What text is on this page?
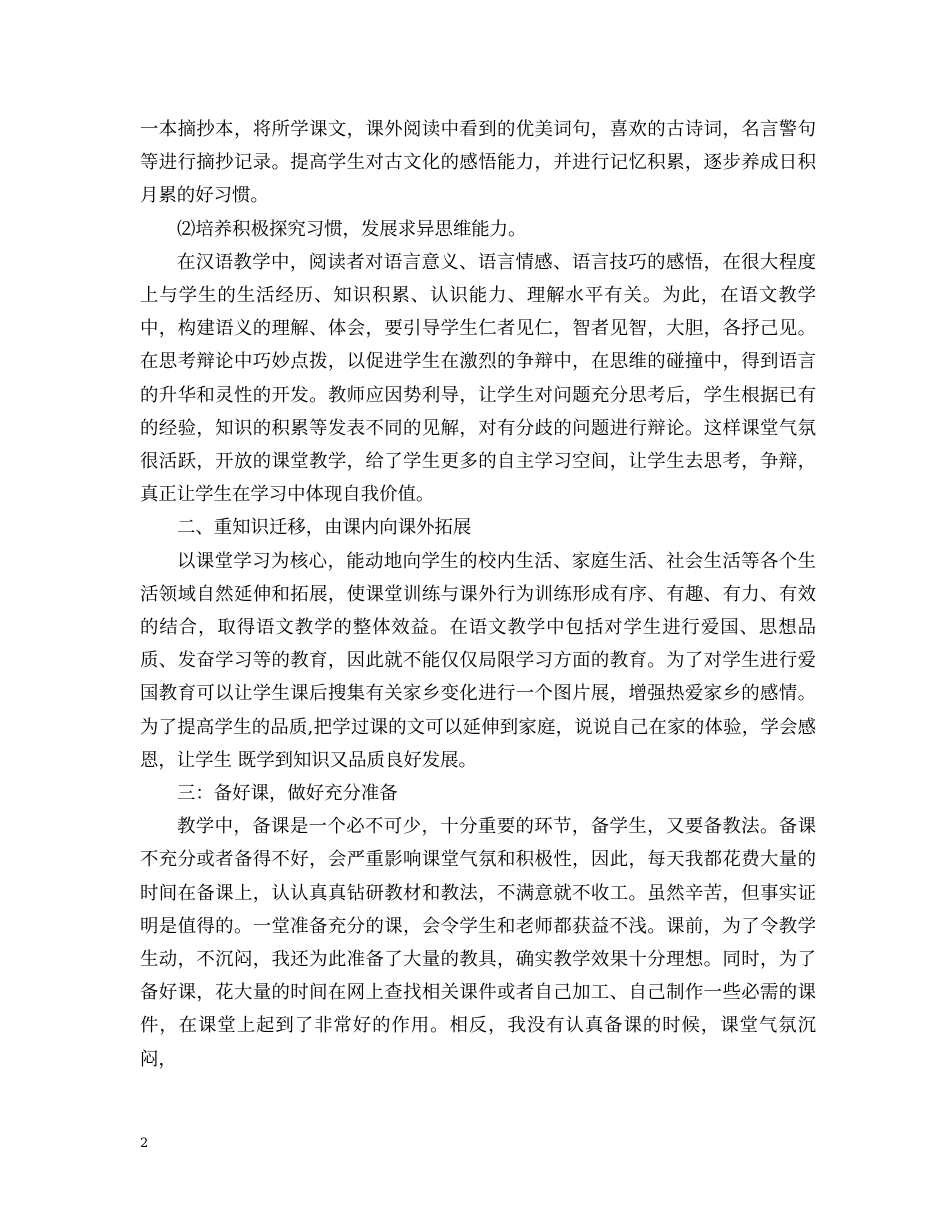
一本摘抄本，将所学课文，课外阅读中看到的优美词句，喜欢的古诗词，名言警句等进行摘抄记录。提高学生对古文化的感悟能力，并进行记忆积累，逐步养成日积月累的好习惯。

⑵培养积极探究习惯，发展求异思维能力。

在汉语教学中，阅读者对语言意义、语言情感、语言技巧的感悟，在很大程度上与学生的生活经历、知识积累、认识能力、理解水平有关。为此，在语文教学中，构建语义的理解、体会，要引导学生仁者见仁，智者见智，大胆，各抒己见。在思考辩论中巧妙点拨，以促进学生在激烈的争辩中，在思维的碰撞中，得到语言的升华和灵性的开发。教师应因势利导，让学生对问题充分思考后，学生根据已有的经验，知识的积累等发表不同的见解，对有分歧的问题进行辩论。这样课堂气氛很活跃，开放的课堂教学，给了学生更多的自主学习空间，让学生去思考，争辩，真正让学生在学习中体现自我价值。

二、重知识迁移，由课内向课外拓展

以课堂学习为核心，能动地向学生的校内生活、家庭生活、社会生活等各个生活领域自然延伸和拓展，使课堂训练与课外行为训练形成有序、有趣、有力、有效的结合，取得语文教学的整体效益。在语文教学中包括对学生进行爱国、思想品质、发奋学习等的教育，因此就不能仅仅局限学习方面的教育。为了对学生进行爱国教育可以让学生课后搜集有关家乡变化进行一个图片展，增强热爱家乡的感情。为了提高学生的品质,把学过课的文可以延伸到家庭，说说自己在家的体验，学会感恩，让学生 既学到知识又品质良好发展。

三：备好课，做好充分准备

教学中，备课是一个必不可少，十分重要的环节，备学生，又要备教法。备课不充分或者备得不好，会严重影响课堂气氛和积极性，因此，每天我都花费大量的时间在备课上，认认真真钻研教材和教法，不满意就不收工。虽然辛苦，但事实证明是值得的。一堂准备充分的课，会令学生和老师都获益不浅。课前，为了令教学生动，不沉闷，我还为此准备了大量的教具，确实教学效果十分理想。同时，为了备好课，花大量的时间在网上查找相关课件或者自己加工、自己制作一些必需的课件，在课堂上起到了非常好的作用。相反，我没有认真备课的时候，课堂气氛沉闷，

2
